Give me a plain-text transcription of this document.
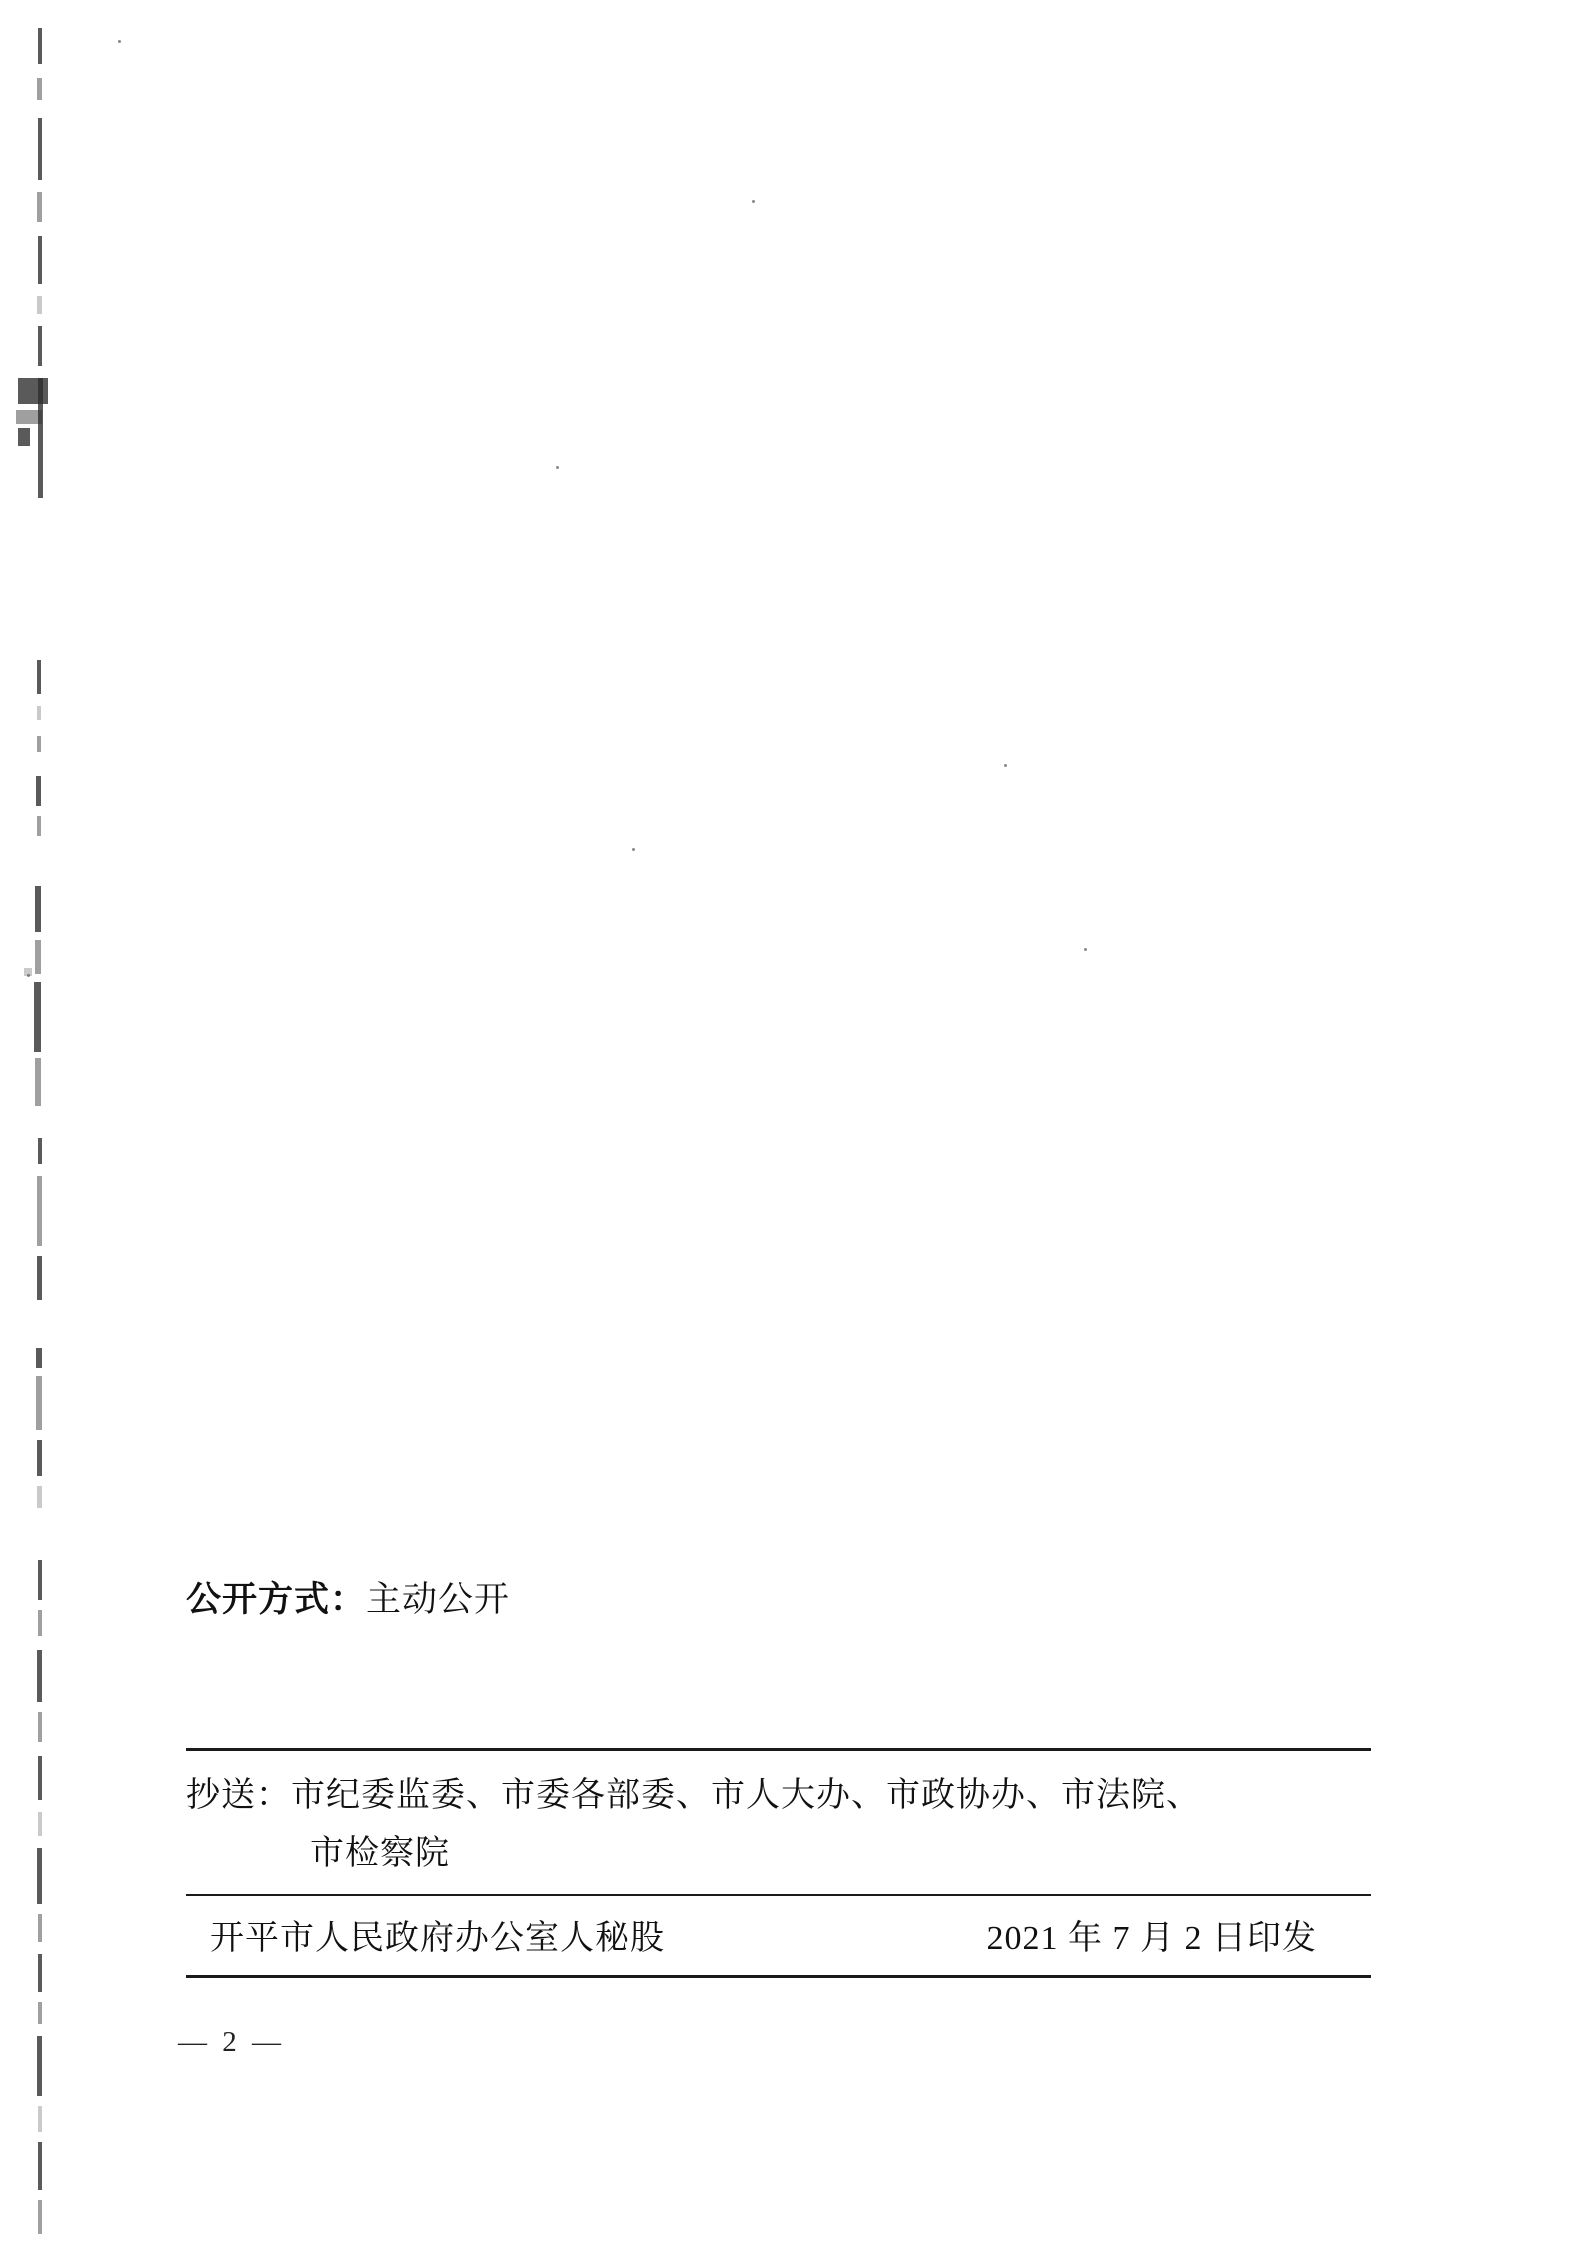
公开方式：主动公开
抄送：市纪委监委、市委各部委、市人大办、市政协办、市法院、
市检察院
开平市人民政府办公室人秘股	2021 年 7 月 2 日印发
— 2 —
